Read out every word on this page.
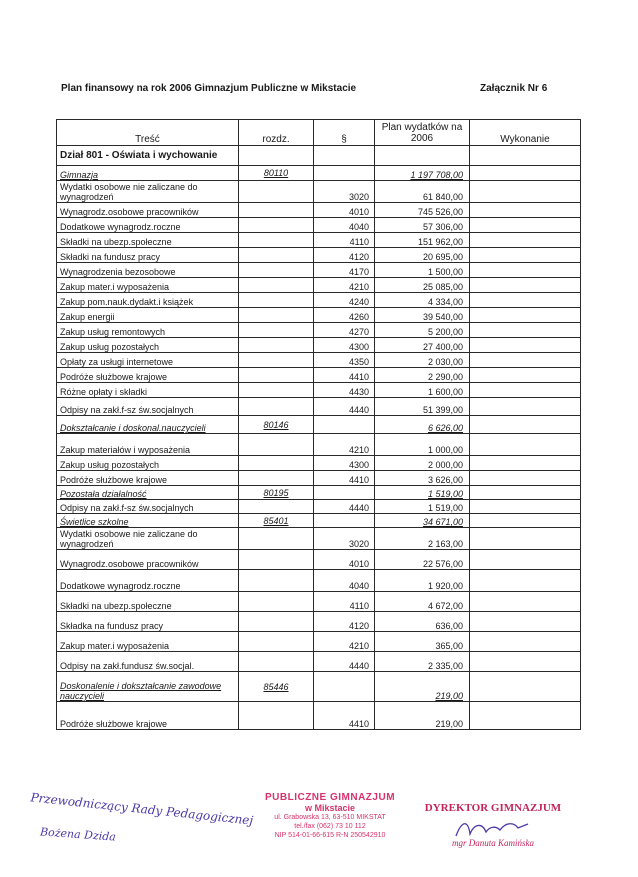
Plan finansowy na rok 2006 Gimnazjum Publiczne w Mikstacie	Załącznik Nr 6
Treść	rozdz.	§	Plan wydatków na 2006	Wykonanie
Dział 801 - Oświata i wychowanie				
Gimnazja	80110		1 197 708,00	
Wydatki osobowe nie zaliczane do wynagrodzeń		3020	61 840,00	
Wynagrodz.osobowe pracowników		4010	745 526,00	
Dodatkowe wynagrodz.roczne		4040	57 306,00	
Składki na ubezp.społeczne		4110	151 962,00	
Składki na fundusz pracy		4120	20 695,00	
Wynagrodzenia bezosobowe		4170	1 500,00	
Zakup mater.i wyposażenia		4210	25 085,00	
Zakup pom.nauk.dydakt.i książek		4240	4 334,00	
Zakup energii		4260	39 540,00	
Zakup usług remontowych		4270	5 200,00	
Zakup usług pozostałych		4300	27 400,00	
Opłaty za usługi internetowe		4350	2 030,00	
Podróże służbowe krajowe		4410	2 290,00	
Różne opłaty i składki		4430	1 600,00	
Odpisy na zakł.f-sz św.socjalnych		4440	51 399,00	
Dokształcanie i doskonal.nauczycieli	80146		6 626,00	
Zakup materiałów i wyposażenia		4210	1 000,00	
Zakup usług pozostałych		4300	2 000,00	
Podróże służbowe krajowe		4410	3 626,00	
Pozostała działalność	80195		1 519,00	
Odpisy na zakł.f-sz św.socjalnych		4440	1 519,00	
Świetlice szkolne	85401		34 671,00	
Wydatki osobowe nie zaliczane do wynagrodzeń		3020	2 163,00	
Wynagrodz.osobowe pracowników		4010	22 576,00	
Dodatkowe wynagrodz.roczne		4040	1 920,00	
Składki na ubezp.społeczne		4110	4 672,00	
Składka na fundusz pracy		4120	636,00	
Zakup mater.i wyposażenia		4210	365,00	
Odpisy na zakł.fundusz św.socjal.		4440	2 335,00	
Doskonalenie i dokształcanie zawodowe nauczycieli	85446		219,00	
Podróże służbowe krajowe		4410	219,00	
PUBLICZNE GIMNAZJUM
w Mikstacie
ul. Grabowska 13, 63-510 MIKSTAT
tel./fax (062) 73 10 112
NIP 514-01-66-615 R-N 250542910
DYREKTOR GIMNAZJUM
mgr Danuta Kamińska
Przewodniczący Rady Pedagogicznej
Bożena Dzida
